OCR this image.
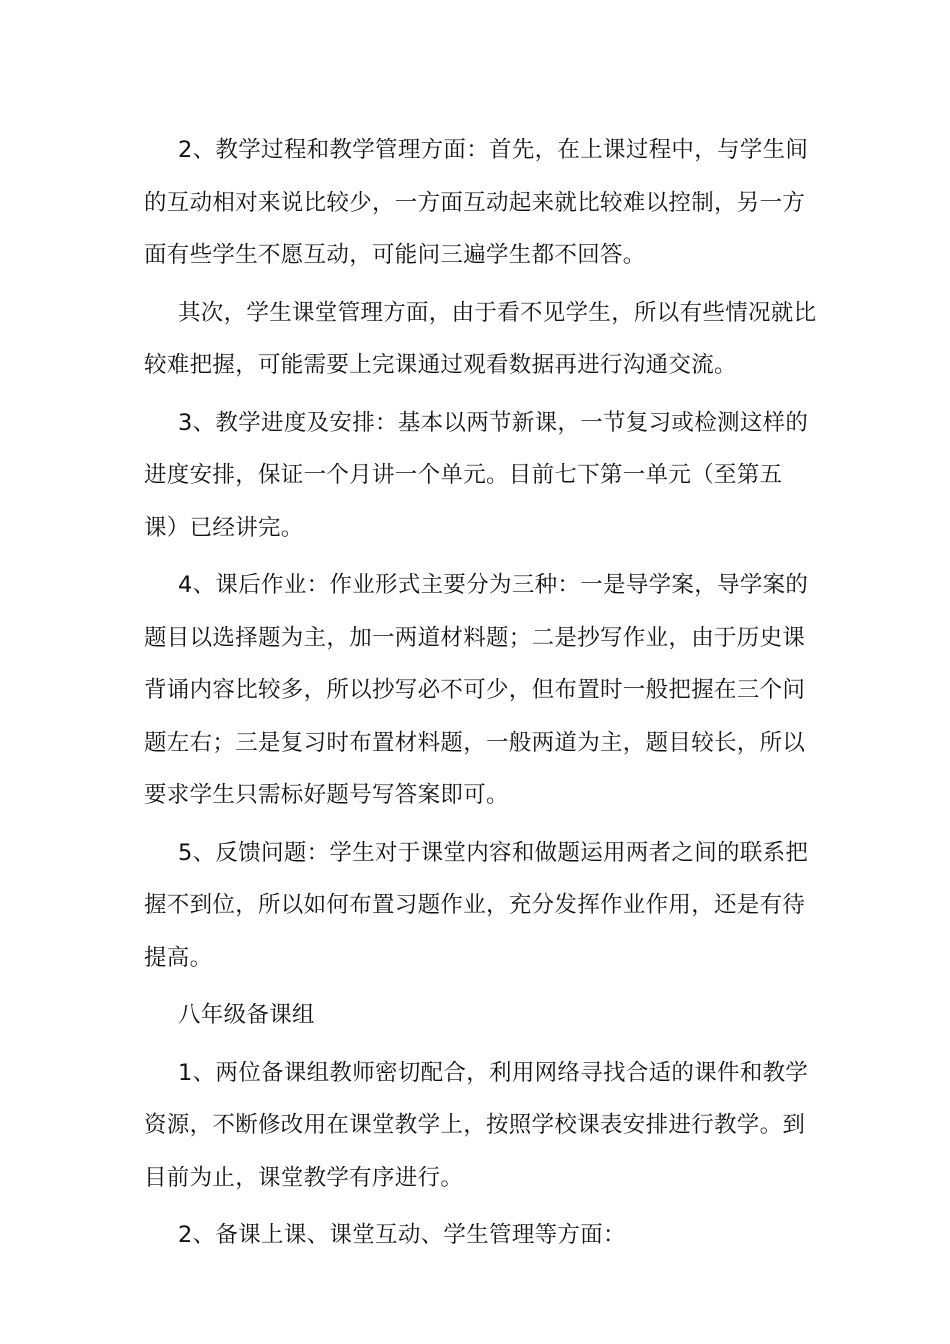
2、教学过程和教学管理方面：首先，在上课过程中，与学生间
的互动相对来说比较少，一方面互动起来就比较难以控制，另一方
面有些学生不愿互动，可能问三遍学生都不回答。

其次，学生课堂管理方面，由于看不见学生，所以有些情况就比
较难把握，可能需要上完课通过观看数据再进行沟通交流。

3、教学进度及安排：基本以两节新课，一节复习或检测这样的
进度安排，保证一个月讲一个单元。目前七下第一单元（至第五
课）已经讲完。

4、课后作业：作业形式主要分为三种：一是导学案，导学案的
题目以选择题为主，加一两道材料题；二是抄写作业，由于历史课
背诵内容比较多，所以抄写必不可少，但布置时一般把握在三个问
题左右；三是复习时布置材料题，一般两道为主，题目较长，所以
要求学生只需标好题号写答案即可。

5、反馈问题：学生对于课堂内容和做题运用两者之间的联系把
握不到位，所以如何布置习题作业，充分发挥作业作用，还是有待
提高。

八年级备课组

1、两位备课组教师密切配合，利用网络寻找合适的课件和教学
资源，不断修改用在课堂教学上，按照学校课表安排进行教学。到
目前为止，课堂教学有序进行。

2、备课上课、课堂互动、学生管理等方面：
